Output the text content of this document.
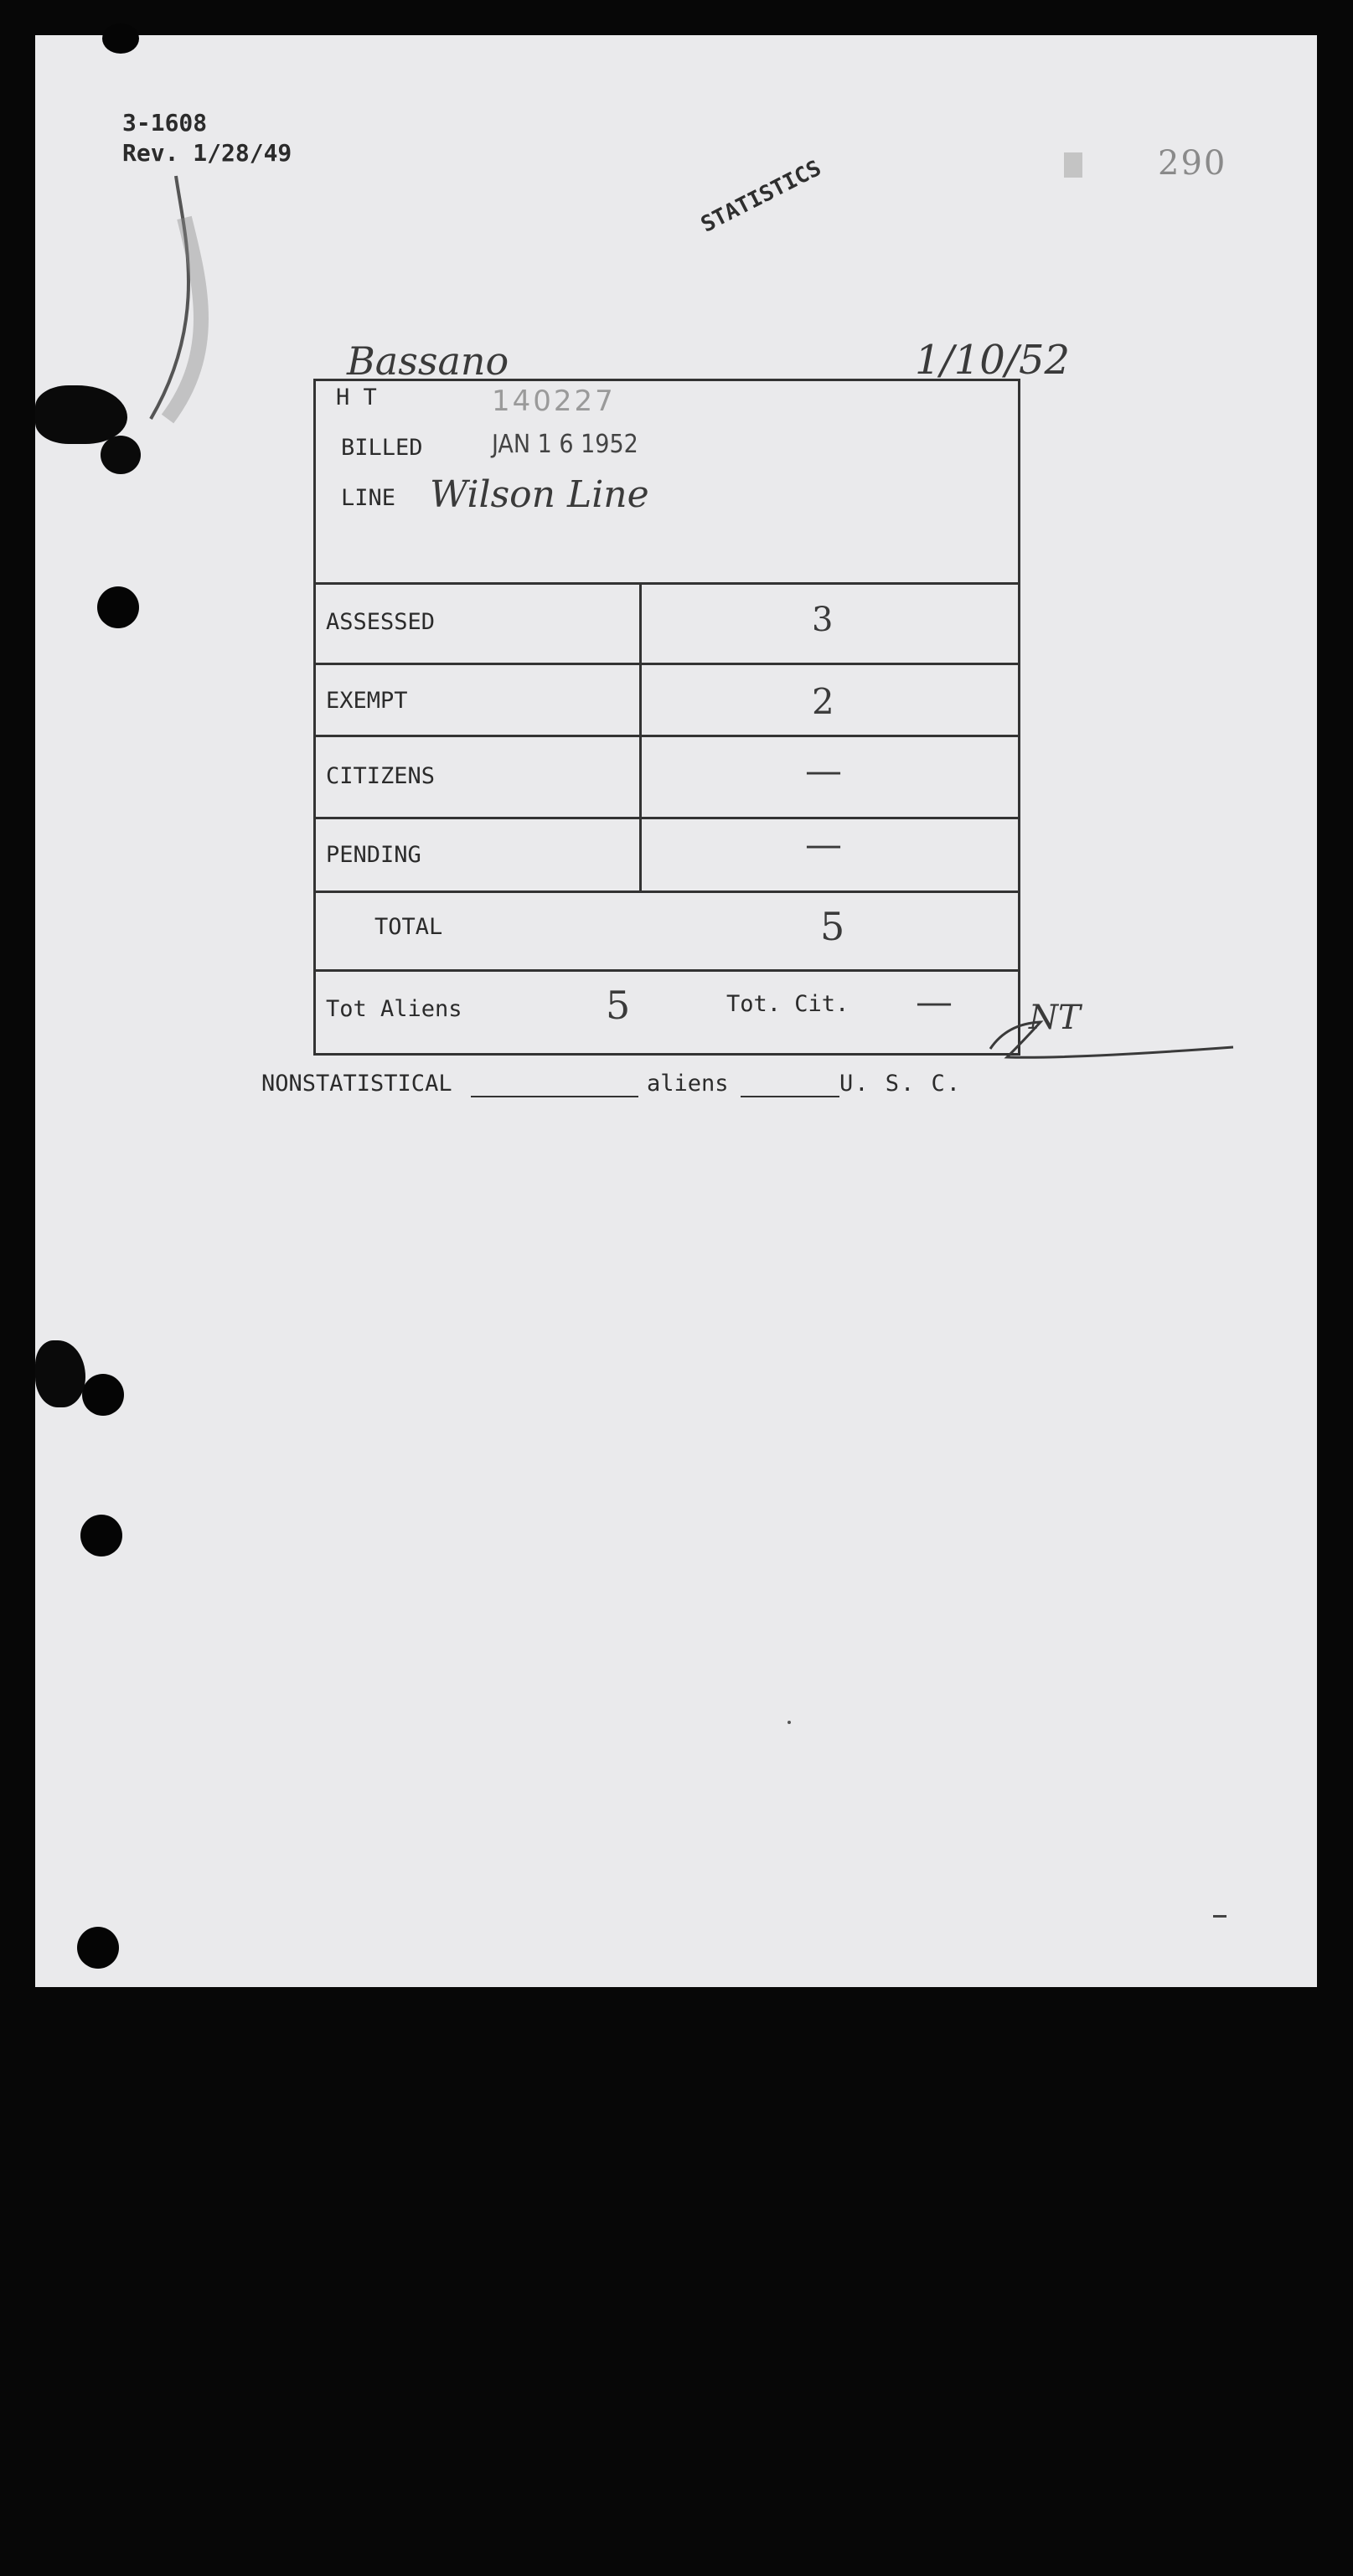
3-1608
Rev. 1/28/49	290
STATISTICS
Bassano	1/10/52
H T	140227
BILLED	JAN 1 6 1952
LINE Wilson Line
ASSESSED	3
EXEMPT	2
CITIZENS	—
PENDING	—
TOTAL	5
Tot Aliens	5	Tot. Cit. — NT
NONSTATISTICAL	aliens	U. S. C.
